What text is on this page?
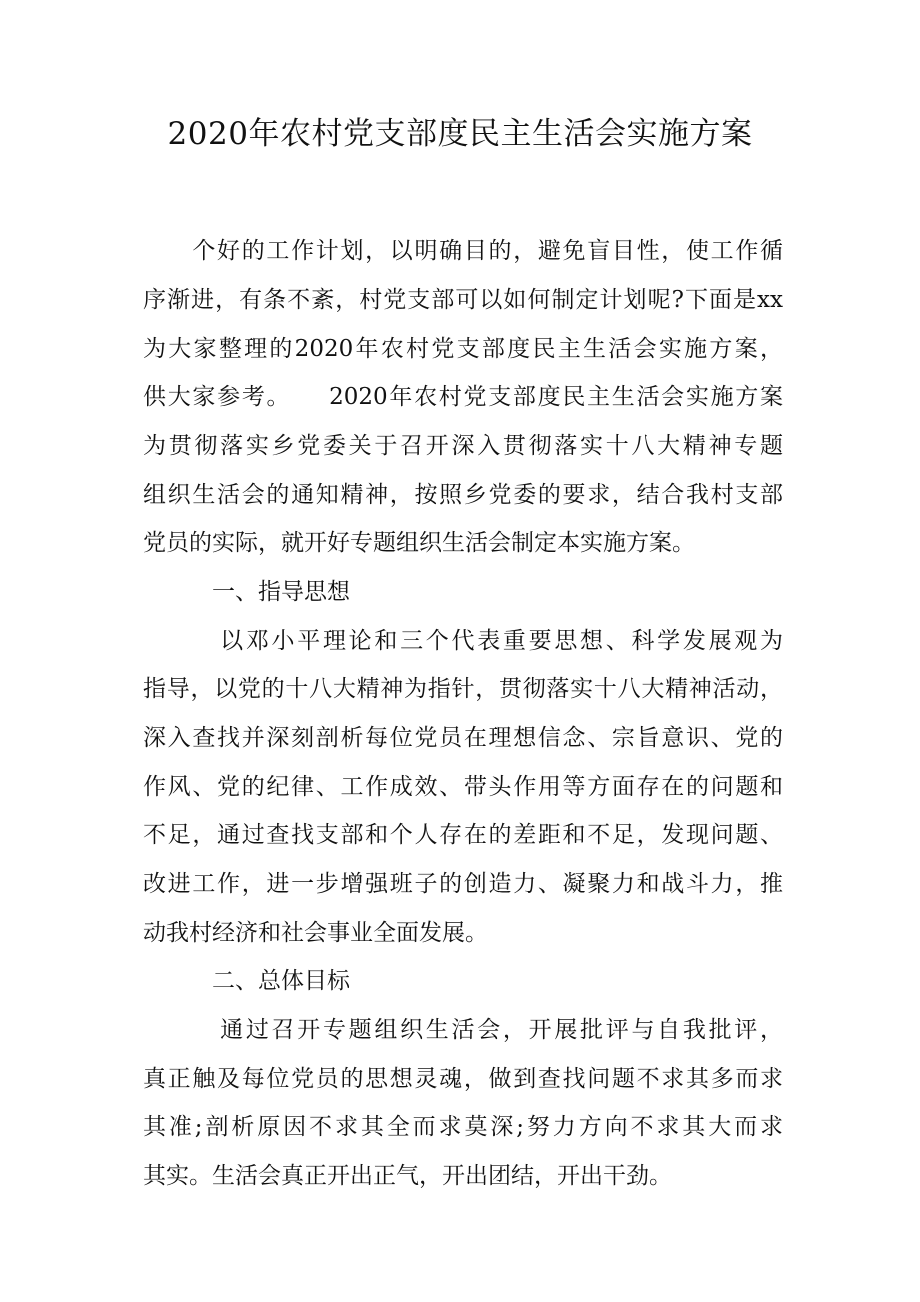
2020年农村党支部度民主生活会实施方案

　　个好的工作计划，以明确目的，避免盲目性，使工作循

序渐进，有条不紊，村党支部可以如何制定计划呢?下面是xx

为大家整理的2020年农村党支部度民主生活会实施方案，

供大家参考。　　2020年农村党支部度民主生活会实施方案

为贯彻落实乡党委关于召开深入贯彻落实十八大精神专题

组织生活会的通知精神，按照乡党委的要求，结合我村支部

党员的实际，就开好专题组织生活会制定本实施方案。

　　　一、指导思想

　　　以邓小平理论和三个代表重要思想、科学发展观为

指导，以党的十八大精神为指针，贯彻落实十八大精神活动，

深入查找并深刻剖析每位党员在理想信念、宗旨意识、党的

作风、党的纪律、工作成效、带头作用等方面存在的问题和

不足，通过查找支部和个人存在的差距和不足，发现问题、

改进工作，进一步增强班子的创造力、凝聚力和战斗力，推

动我村经济和社会事业全面发展。

　　　二、总体目标

　　　通过召开专题组织生活会，开展批评与自我批评，

真正触及每位党员的思想灵魂，做到查找问题不求其多而求

其准;剖析原因不求其全而求莫深;努力方向不求其大而求

其实。生活会真正开出正气，开出团结，开出干劲。
